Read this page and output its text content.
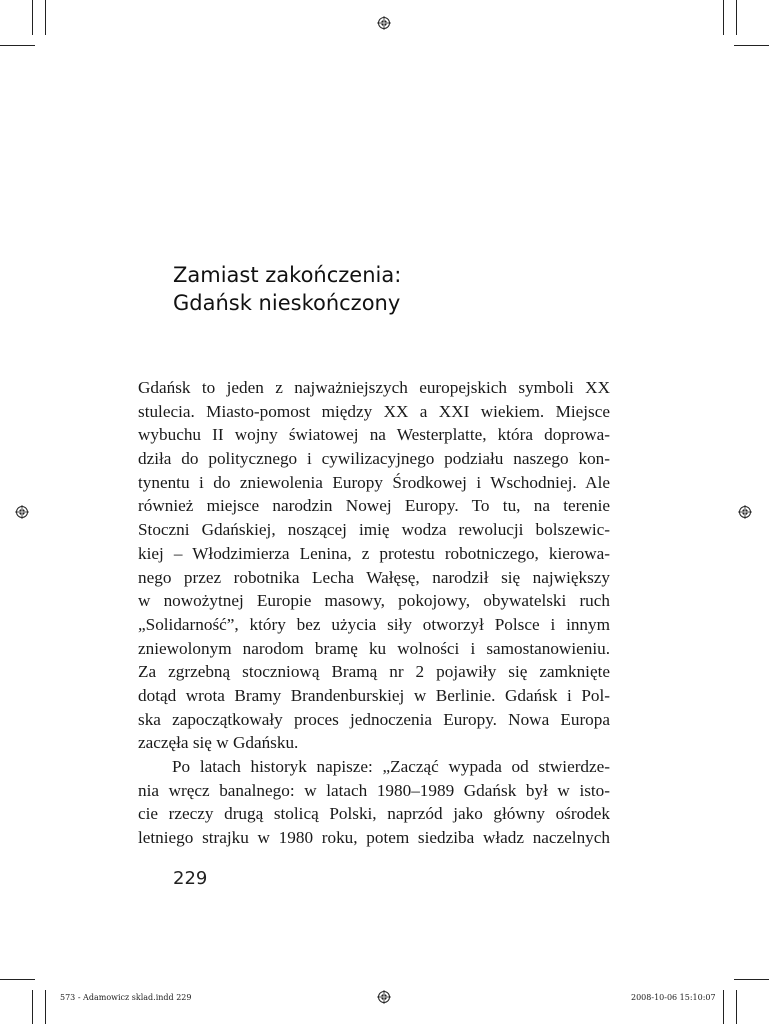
Zamiast zakończenia:
Gdańsk nieskończony
Gdańsk to jeden z najważniejszych europejskich symboli XX
stulecia. Miasto-pomost między XX a XXI wiekiem. Miejsce
wybuchu II wojny światowej na Westerplatte, która doprowa-
dziła do politycznego i cywilizacyjnego podziału naszego kon-
tynentu i do zniewolenia Europy Środkowej i Wschodniej. Ale
również miejsce narodzin Nowej Europy. To tu, na terenie
Stoczni Gdańskiej, noszącej imię wodza rewolucji bolszewic-
kiej – Włodzimierza Lenina, z protestu robotniczego, kierowa-
nego przez robotnika Lecha Wałęsę, narodził się największy
w nowożytnej Europie masowy, pokojowy, obywatelski ruch
„Solidarność”, który bez użycia siły otworzył Polsce i innym
zniewolonym narodom bramę ku wolności i samostanowieniu.
Za zgrzebną stoczniową Bramą nr 2 pojawiły się zamknięte
dotąd wrota Bramy Brandenburskiej w Berlinie. Gdańsk i Pol-
ska zapoczątkowały proces jednoczenia Europy. Nowa Europa
zaczęła się w Gdańsku.
Po latach historyk napisze: „Zacząć wypada od stwierdze-
nia wręcz banalnego: w latach 1980–1989 Gdańsk był w isto-
cie rzeczy drugą stolicą Polski, naprzód jako główny ośrodek
letniego strajku w 1980 roku, potem siedziba władz naczelnych
229
573 - Adamowicz sklad.indd 229	2008-10-06 15:10:07
